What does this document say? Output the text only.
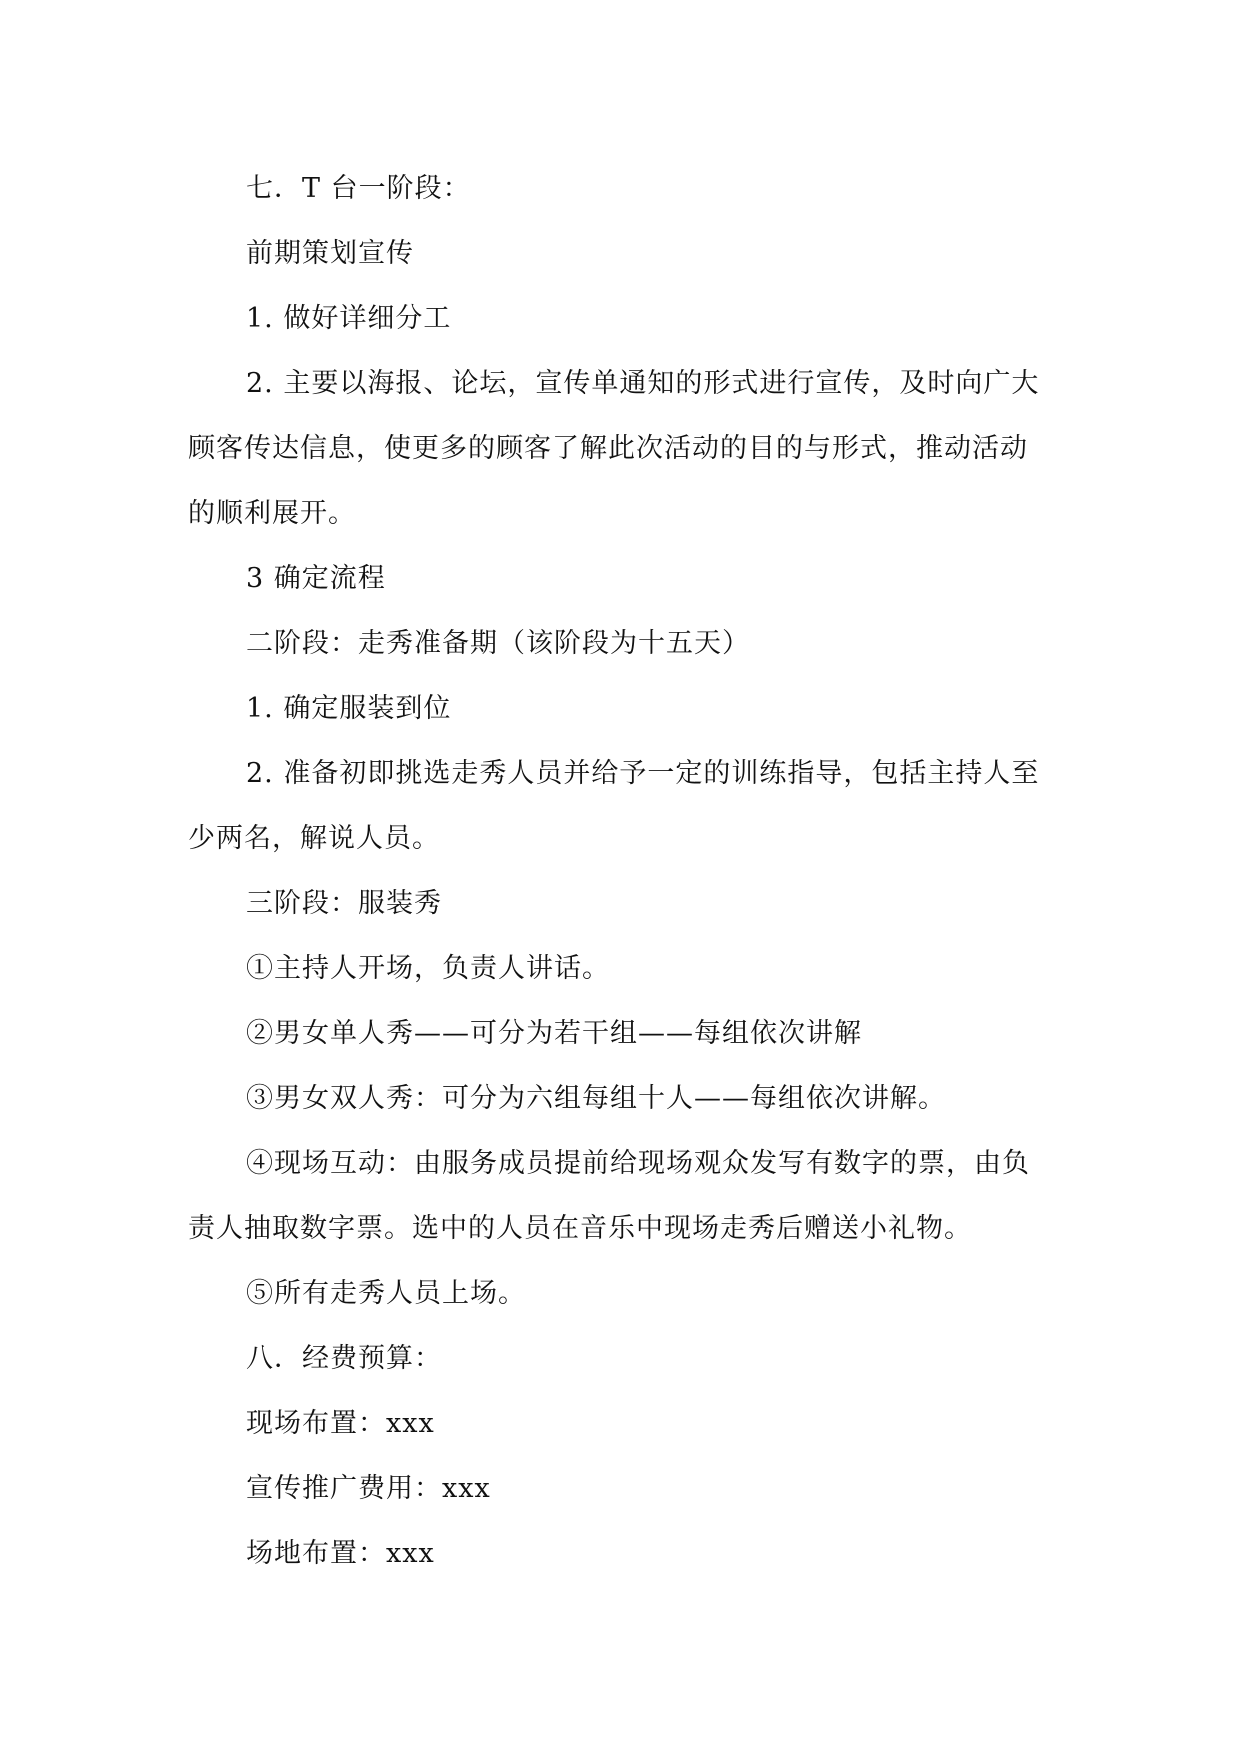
七．T 台一阶段：

前期策划宣传

1. 做好详细分工

2. 主要以海报、论坛，宣传单通知的形式进行宣传，及时向广大顾客传达信息，使更多的顾客了解此次活动的目的与形式，推动活动的顺利展开。

3 确定流程

二阶段：走秀准备期（该阶段为十五天）

1. 确定服装到位

2. 准备初即挑选走秀人员并给予一定的训练指导，包括主持人至少两名，解说人员。

三阶段：服装秀

①主持人开场，负责人讲话。

②男女单人秀——可分为若干组——每组依次讲解

③男女双人秀：可分为六组每组十人——每组依次讲解。

④现场互动：由服务成员提前给现场观众发写有数字的票，由负责人抽取数字票。选中的人员在音乐中现场走秀后赠送小礼物。

⑤所有走秀人员上场。

八．经费预算：

现场布置：xxx

宣传推广费用：xxx

场地布置：xxx
